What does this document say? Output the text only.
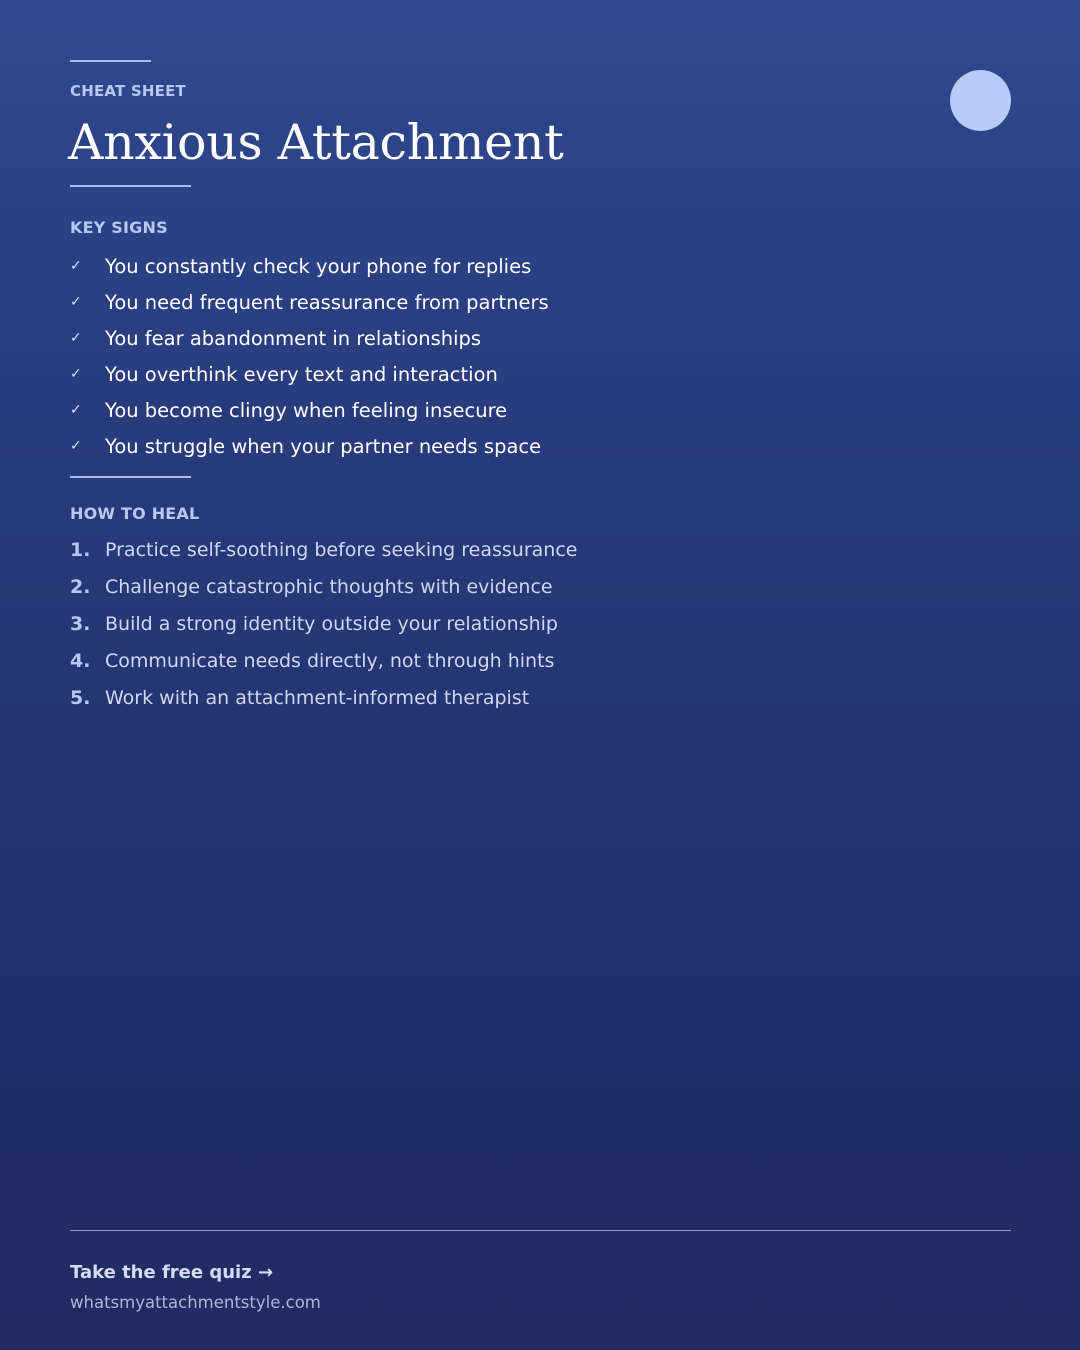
CHEAT SHEET
Anxious Attachment
KEY SIGNS
✓	You constantly check your phone for replies
✓	You need frequent reassurance from partners
✓	You fear abandonment in relationships
✓	You overthink every text and interaction
✓	You become clingy when feeling insecure
✓	You struggle when your partner needs space
HOW TO HEAL
1. Practice self-soothing before seeking reassurance
2. Challenge catastrophic thoughts with evidence
3. Build a strong identity outside your relationship
4. Communicate needs directly, not through hints
5. Work with an attachment-informed therapist
Take the free quiz →
whatsmyattachmentstyle.com
